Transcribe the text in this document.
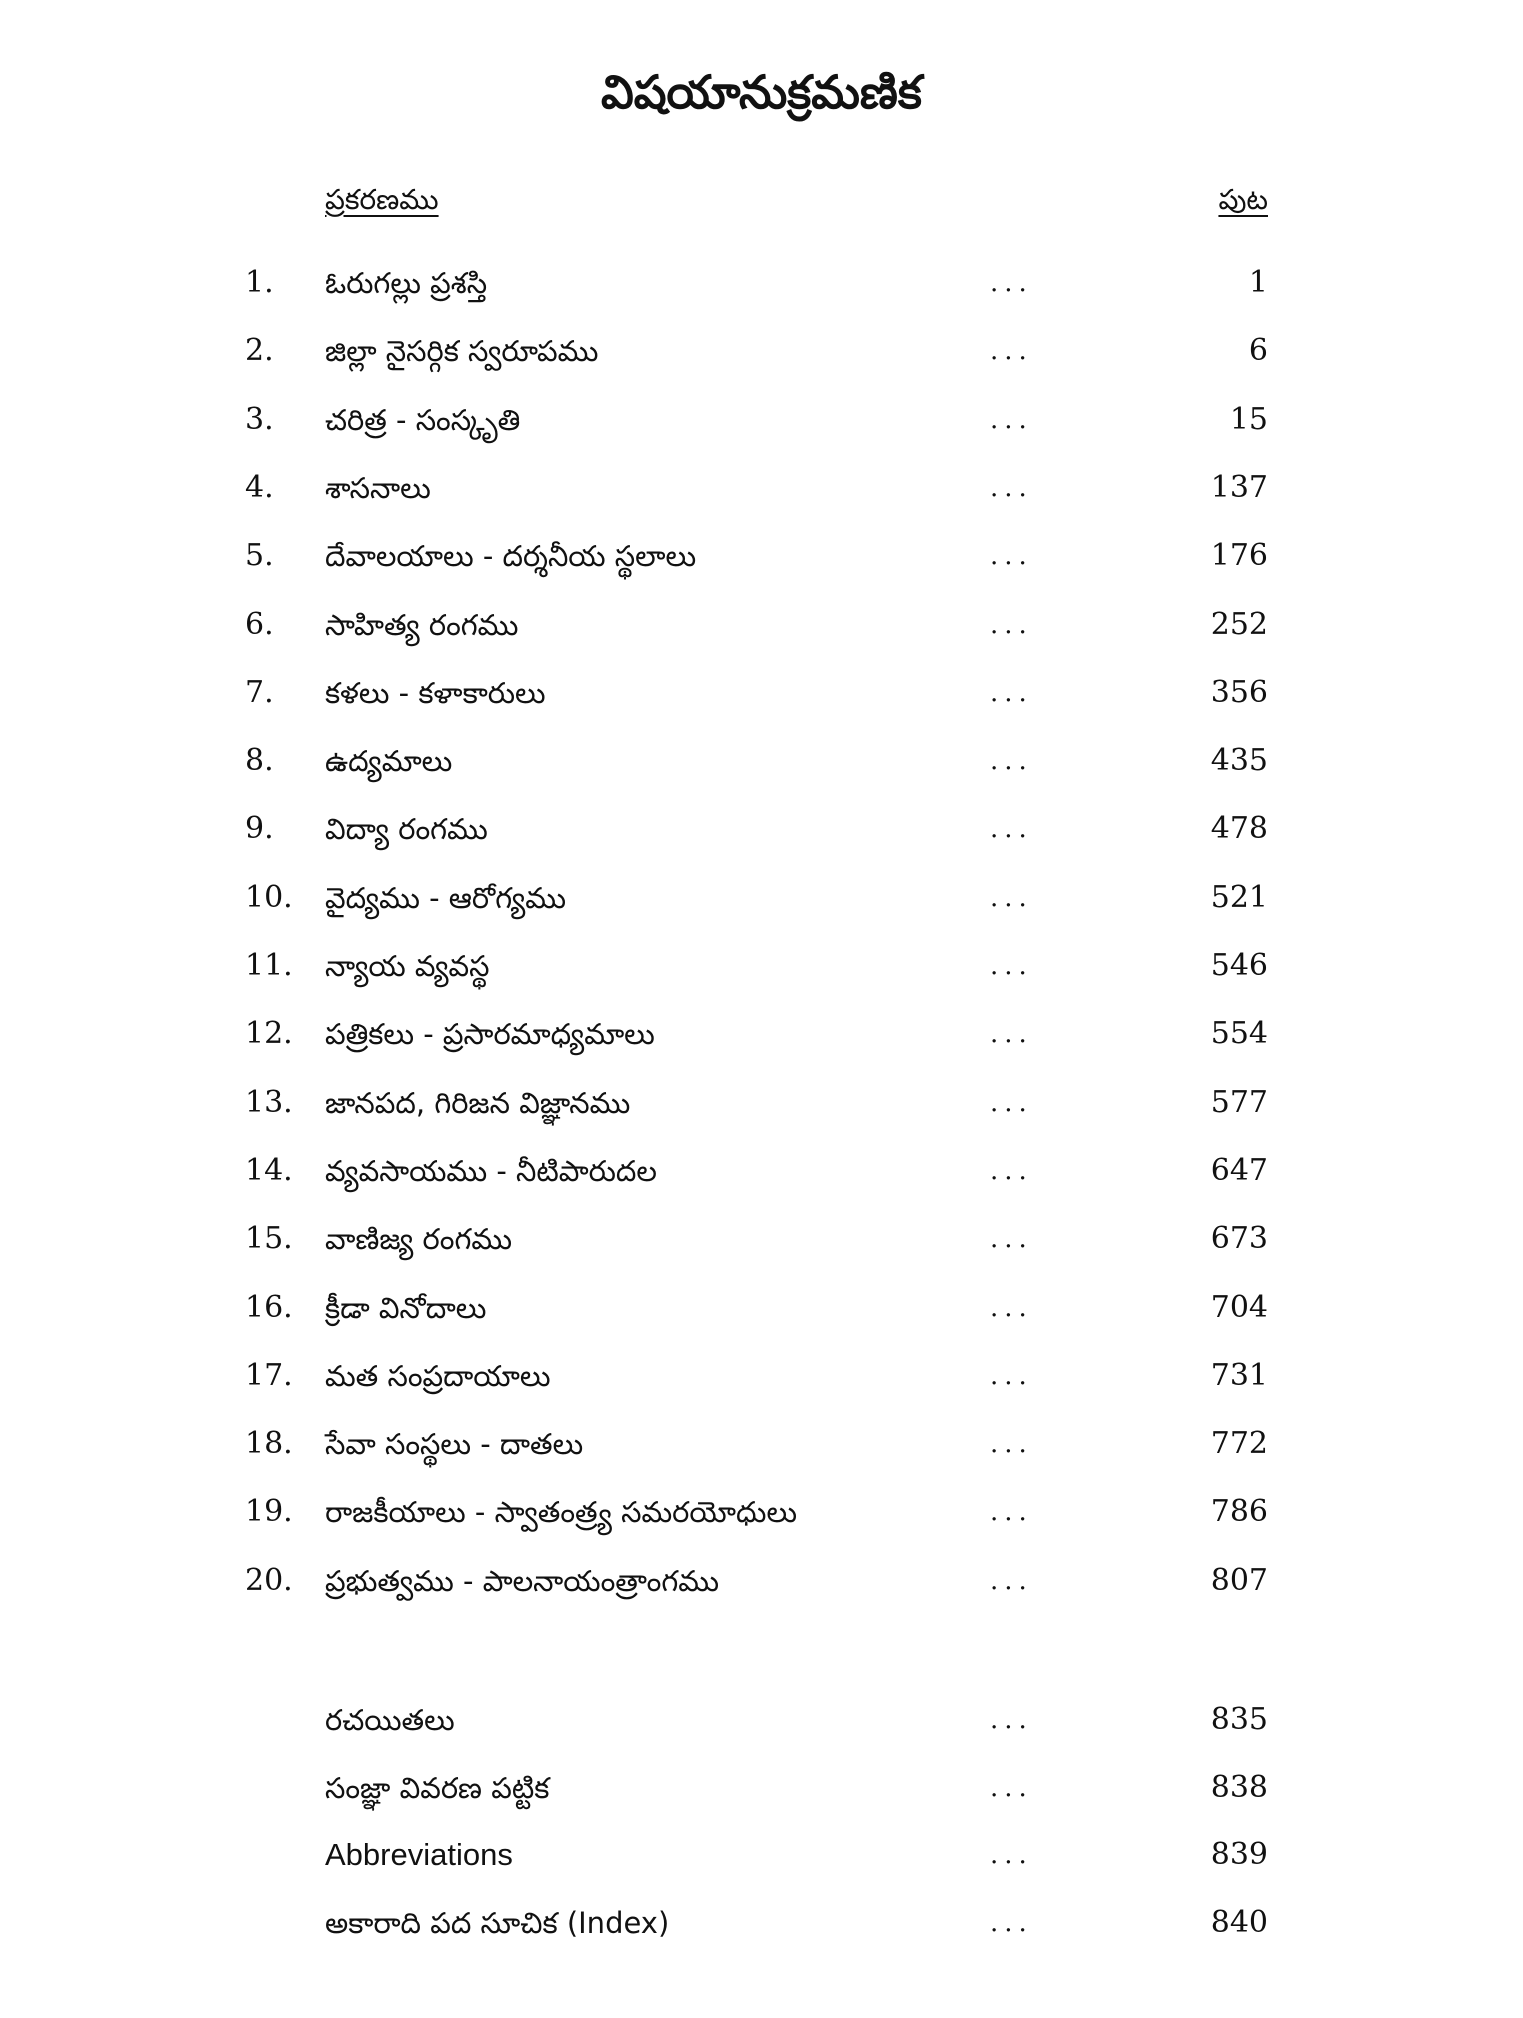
విషయానుక్రమణిక
ప్రకరణము	పుట
1.	ఓరుగల్లు ప్రశస్తి	...	1
2.	జిల్లా నైసర్గిక స్వరూపము	...	6
3.	చరిత్ర - సంస్కృతి	...	15
4.	శాసనాలు	...	137
5.	దేవాలయాలు - దర్శనీయ స్థలాలు	...	176
6.	సాహిత్య రంగము	...	252
7.	కళలు - కళాకారులు	...	356
8.	ఉద్యమాలు	...	435
9.	విద్యా రంగము	...	478
10.	వైద్యము - ఆరోగ్యము	...	521
11.	న్యాయ వ్యవస్థ	...	546
12.	పత్రికలు - ప్రసారమాధ్యమాలు	...	554
13.	జానపద, గిరిజన విజ్ఞానము	...	577
14.	వ్యవసాయము - నీటిపారుదల	...	647
15.	వాణిజ్య రంగము	...	673
16.	క్రీడా వినోదాలు	...	704
17.	మత సంప్రదాయాలు	...	731
18.	సేవా సంస్థలు - దాతలు	...	772
19.	రాజకీయాలు - స్వాతంత్ర్య సమరయోధులు	...	786
20.	ప్రభుత్వము - పాలనాయంత్రాంగము	...	807
రచయితలు	...	835
సంజ్ఞా వివరణ పట్టిక	...	838
Abbreviations	...	839
అకారాది పద సూచిక (Index)	...	840
